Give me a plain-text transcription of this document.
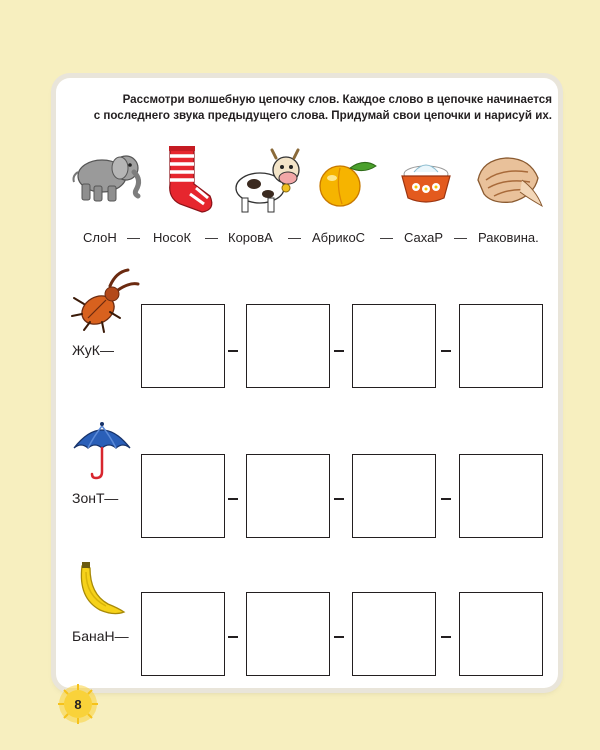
Рассмотри волшебную цепочку слов. Каждое слово в цепочке начинается
с последнего звука предыдущего слова. Придумай свои цепочки и нарисуй их.
СлоН — НосоК — КоровА — АбрикоС — СахаР — Раковина.
ЖуК—
ЗонТ—
БанаН—
8
